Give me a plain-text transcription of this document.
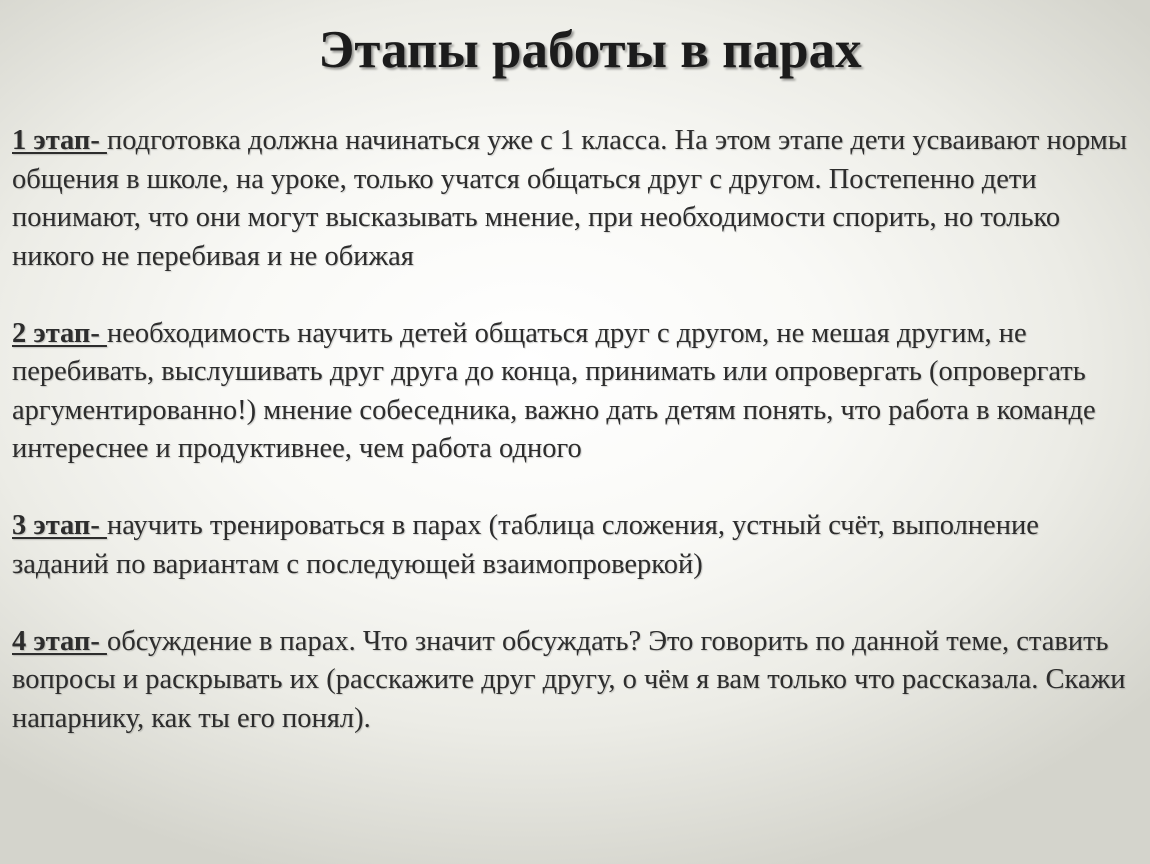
Этапы работы в парах

1 этап- подготовка должна начинаться уже с 1 класса. На этом этапе дети усваивают нормы общения в школе, на уроке, только учатся общаться друг с другом. Постепенно дети понимают, что они могут высказывать мнение, при необходимости спорить, но только никого не перебивая и не обижая

2 этап- необходимость научить детей общаться друг с другом, не мешая другим, не перебивать, выслушивать друг друга до конца, принимать или опровергать (опровергать аргументированно!) мнение собеседника, важно дать детям понять, что работа в команде интереснее и продуктивнее, чем работа одного

3 этап- научить тренироваться в парах (таблица сложения, устный счёт, выполнение заданий по вариантам с последующей взаимопроверкой)

4 этап- обсуждение в парах. Что значит обсуждать? Это говорить по данной теме, ставить вопросы и раскрывать их (расскажите друг другу, о чём я вам только что рассказала. Скажи напарнику, как ты его понял).
